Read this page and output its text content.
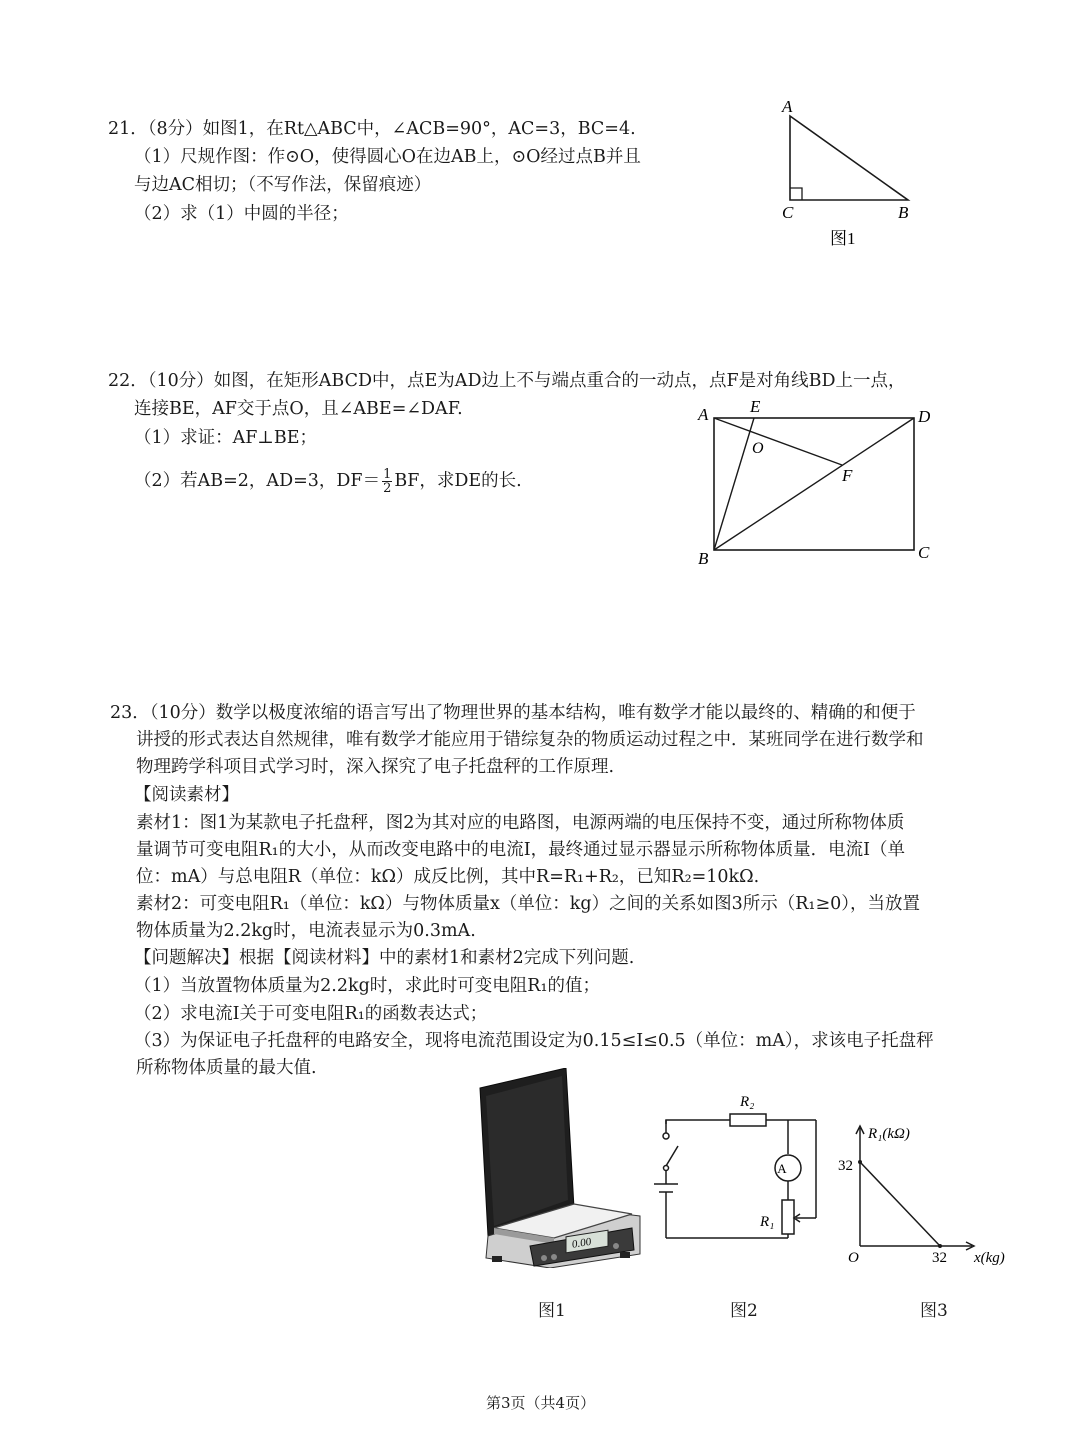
21．（8分）如图1，在Rt△ABC中，∠ACB=90°，AC=3，BC=4.
（1）尺规作图：作⊙O，使得圆心O在边AB上，⊙O经过点B并且
与边AC相切；（不写作法，保留痕迹）
（2）求（1）中圆的半径；
A
C	B
图1
22．（10分）如图，在矩形ABCD中，点E为AD边上不与端点重合的一动点，点F是对角线BD上一点，
连接BE，AF交于点O，且∠ABE=∠DAF.
（1）求证：AF⊥BE；
（2）若AB=2，AD=3，$DF= \frac{1}{2}$ BF，求DE的长.
A E
D
O
F
B	C
23．（10分）数学以极度浓缩的语言写出了物理世界的基本结构，唯有数学才能以最终的、精确的和便于
讲授的形式表达自然规律，唯有数学才能应用于错综复杂的物质运动过程之中．某班同学在进行数学和
物理跨学科项目式学习时，深入探究了电子托盘秤的工作原理.
【阅读素材】
素材1：图1为某款电子托盘秤，图2为其对应的电路图，电源两端的电压保持不变，通过所称物体质
量调节可变电阻R₁的大小，从而改变电路中的电流I，最终通过显示器显示所称物体质量．电流I（单
位：mA）与总电阻R（单位：kΩ）成反比例，其中R=R₁+R₂，已知R₂=10kΩ.
素材2：可变电阻R₁（单位：kΩ）与物体质量x（单位：kg）之间的关系如图3所示（R₁≥0），当放置
物体质量为2.2kg时，电流表显示为0.3mA.
【问题解决】根据【阅读材料】中的素材1和素材2完成下列问题.
（1）当放置物体质量为2.2kg时，求此时可变电阻R₁的值；
（2）求电流I关于可变电阻R₁的函数表达式；
（3）为保证电子托盘秤的电路安全，现将电流范围设定为0.15≤I≤0.5（单位：mA），求该电子托盘秤
所称物体质量的最大值.
0.00
A
R₂
R₁
R₁(kΩ)
x(kg)
O
32
32
图1	图2	图3
第3页（共4页）
